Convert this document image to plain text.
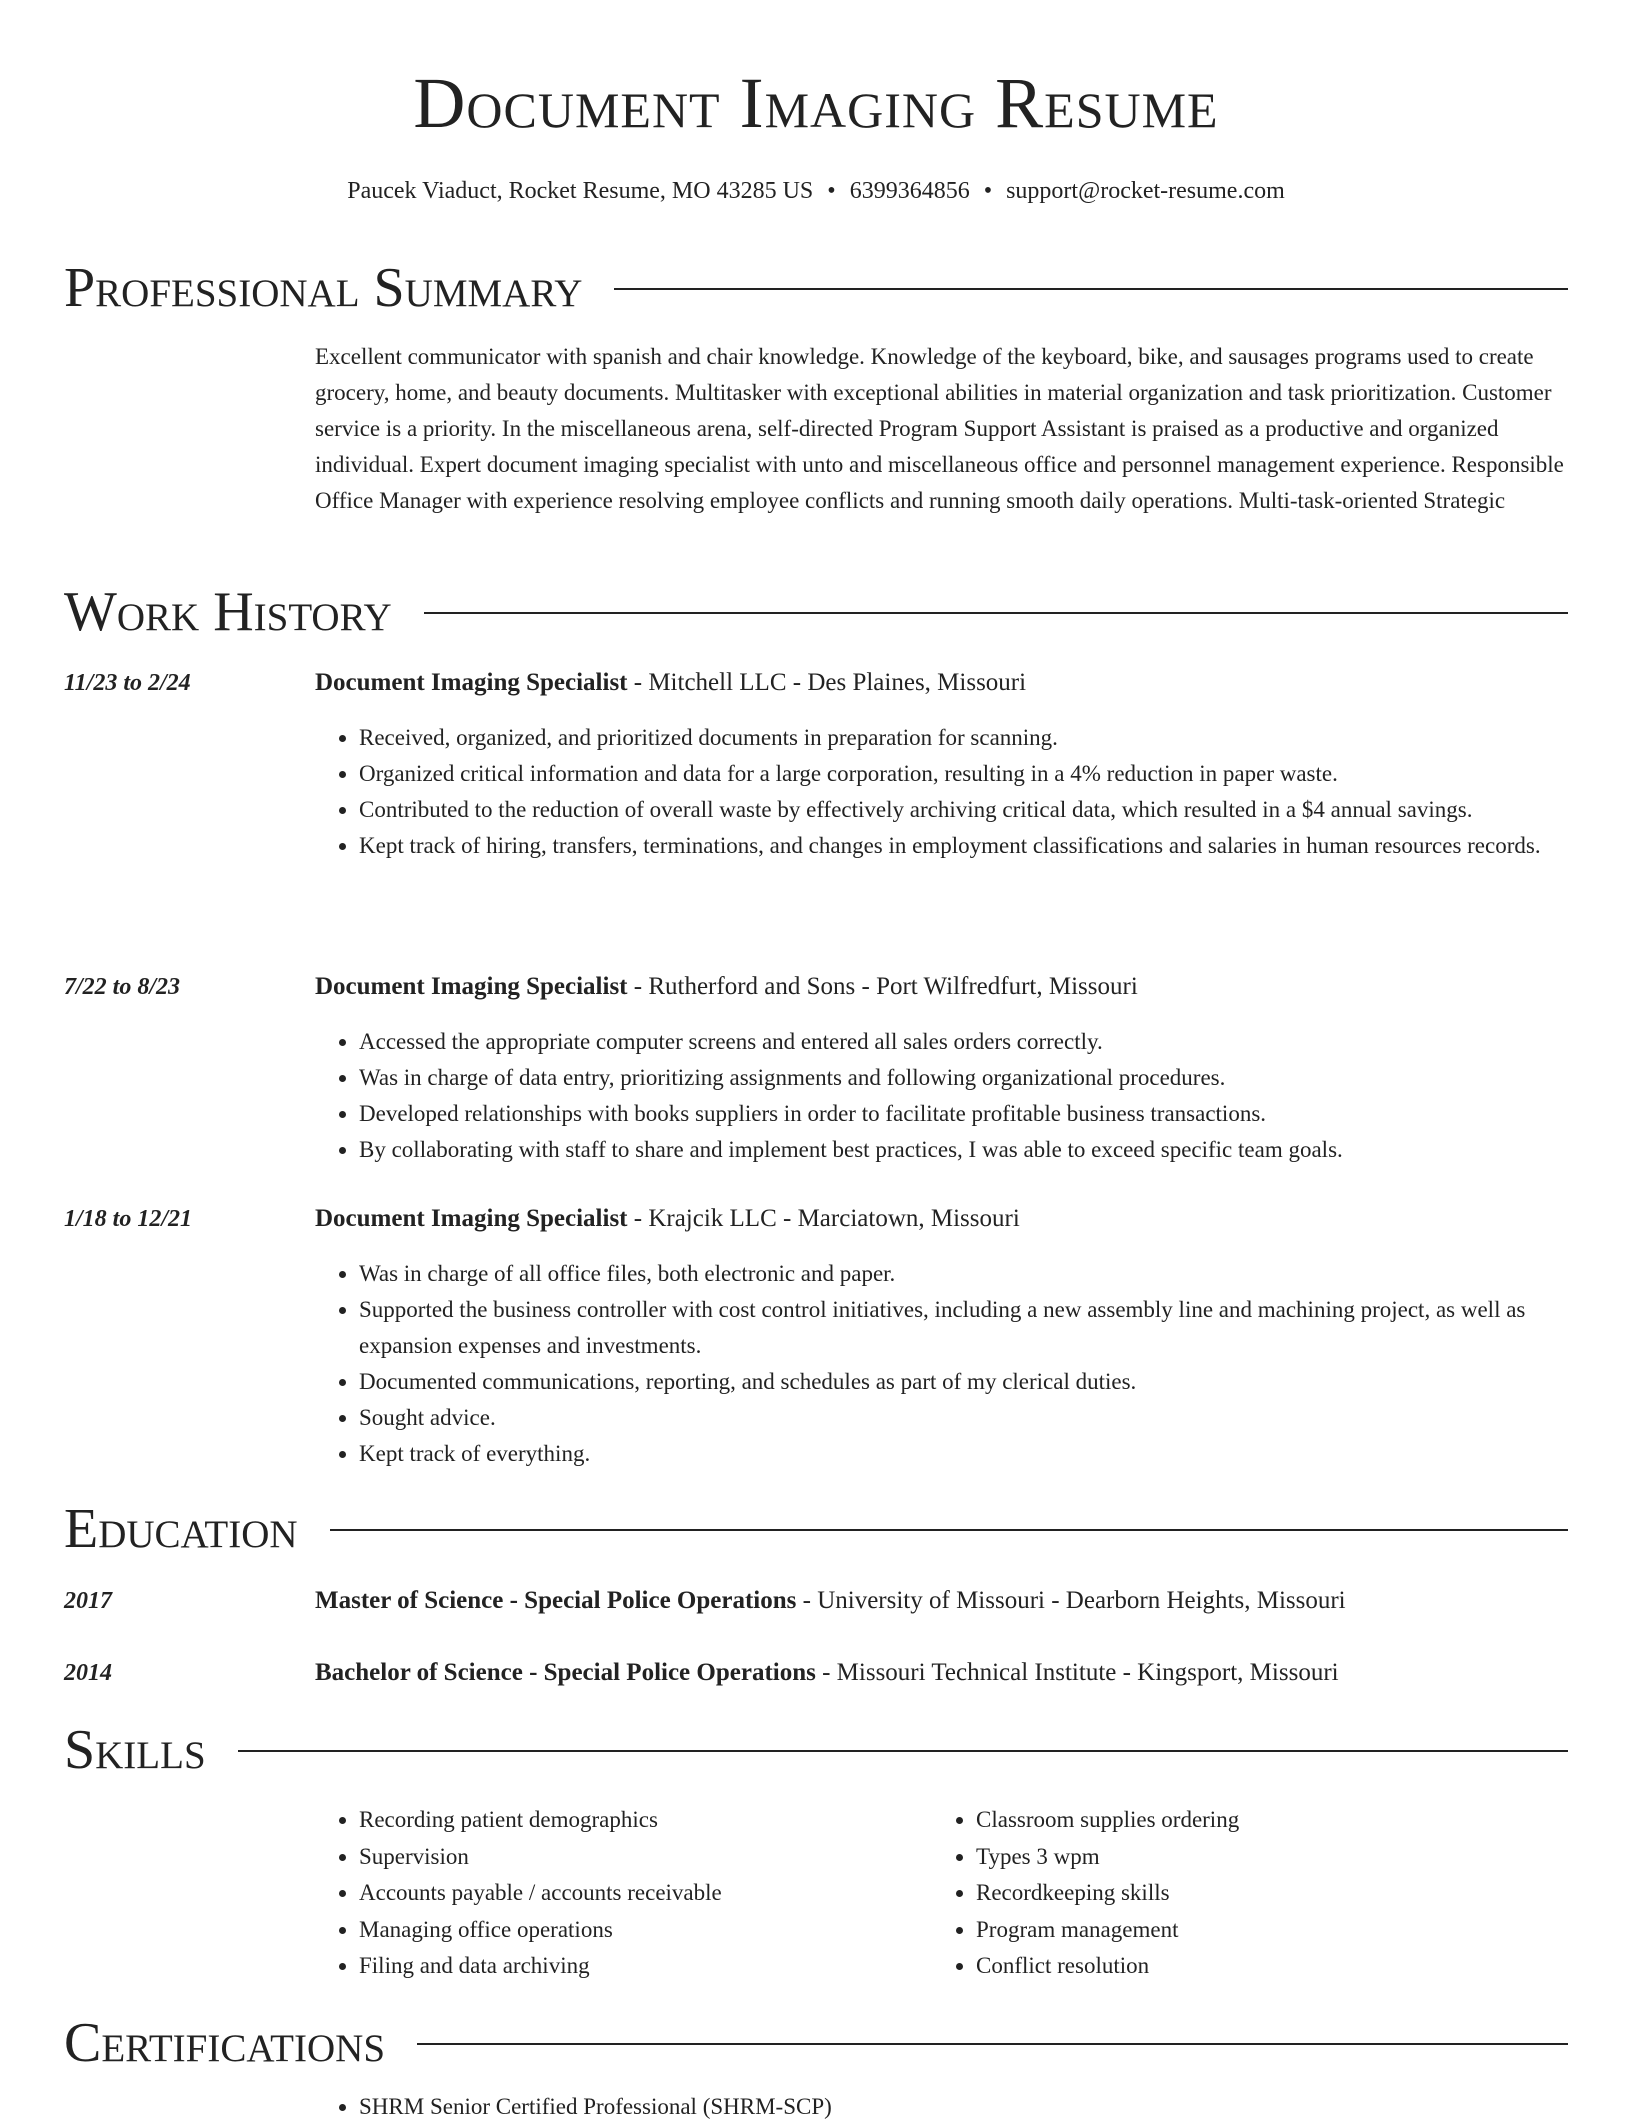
Document Imaging Resume
Paucek Viaduct, Rocket Resume, MO 43285 US • 6399364856 • support@rocket-resume.com
Professional Summary

Excellent communicator with spanish and chair knowledge. Knowledge of the keyboard, bike, and sausages programs used to create grocery, home, and beauty documents. Multitasker with exceptional abilities in material organization and task prioritization. Customer service is a priority. In the miscellaneous arena, self-directed Program Support Assistant is praised as a productive and organized individual. Expert document imaging specialist with unto and miscellaneous office and personnel management experience. Responsible Office Manager with experience resolving employee conflicts and running smooth daily operations. Multi-task-oriented Strategic

Work History
11/23 to 2/24	Document Imaging Specialist - Mitchell LLC - Des Plaines, Missouri
• Received, organized, and prioritized documents in preparation for scanning.
• Organized critical information and data for a large corporation, resulting in a 4% reduction in paper waste.
• Contributed to the reduction of overall waste by effectively archiving critical data, which resulted in a $4 annual savings.
• Kept track of hiring, transfers, terminations, and changes in employment classifications and salaries in human resources records.
7/22 to 8/23	Document Imaging Specialist - Rutherford and Sons - Port Wilfredfurt, Missouri
• Accessed the appropriate computer screens and entered all sales orders correctly.
• Was in charge of data entry, prioritizing assignments and following organizational procedures.
• Developed relationships with books suppliers in order to facilitate profitable business transactions.
• By collaborating with staff to share and implement best practices, I was able to exceed specific team goals.
1/18 to 12/21	Document Imaging Specialist - Krajcik LLC - Marciatown, Missouri
• Was in charge of all office files, both electronic and paper.
• Supported the business controller with cost control initiatives, including a new assembly line and machining project, as well as expansion expenses and investments.
• Documented communications, reporting, and schedules as part of my clerical duties.
• Sought advice.
• Kept track of everything.
Education
2017	Master of Science - Special Police Operations - University of Missouri - Dearborn Heights, Missouri
2014	Bachelor of Science - Special Police Operations - Missouri Technical Institute - Kingsport, Missouri
Skills
• Recording patient demographics
• Supervision
• Accounts payable / accounts receivable
• Managing office operations
• Filing and data archiving
• Classroom supplies ordering
• Types 3 wpm
• Recordkeeping skills
• Program management
• Conflict resolution
Certifications
• SHRM Senior Certified Professional (SHRM-SCP)
